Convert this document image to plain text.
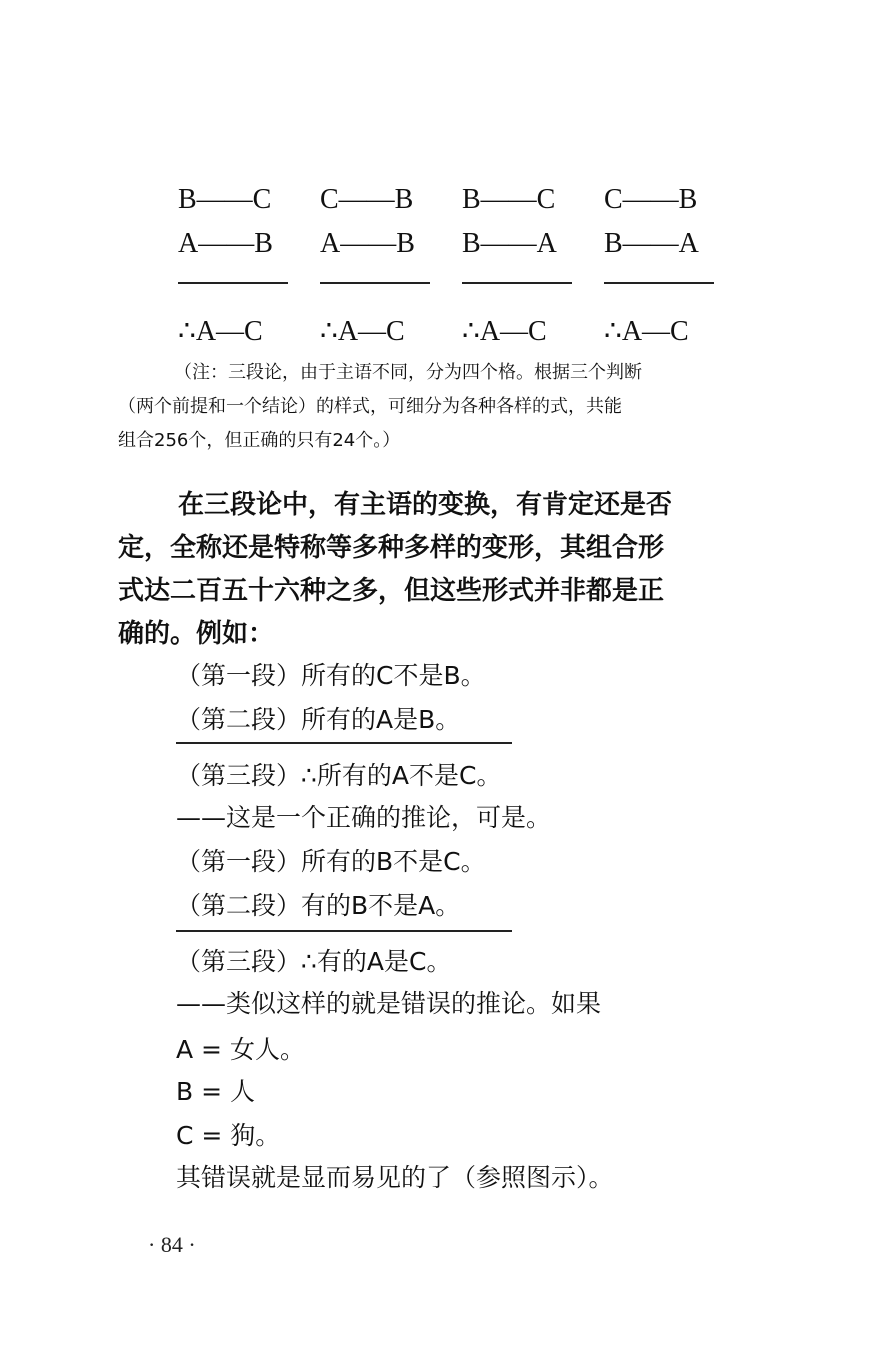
B——C
A——B
∴A—C
C——B
A——B
∴A—C
B——C
B——A
∴A—C
C——B
B——A
∴A—C

（注：三段论，由于主语不同，分为四个格。根据三个判断

（两个前提和一个结论）的样式，可细分为各种各样的式，共能

组合256个，但正确的只有24个。）

在三段论中，有主语的变换，有肯定还是否

定，全称还是特称等多种多样的变形，其组合形

式达二百五十六种之多，但这些形式并非都是正

确的。例如：

（第一段）所有的C不是B。
（第二段）所有的A是B。
（第三段）∴所有的A不是C。
——这是一个正确的推论，可是。
（第一段）所有的B不是C。
（第二段）有的B不是A。
（第三段）∴有的A是C。
——类似这样的就是错误的推论。如果
A = 女人。
B = 人
C = 狗。
其错误就是显而易见的了（参照图示）。
· 84 ·
